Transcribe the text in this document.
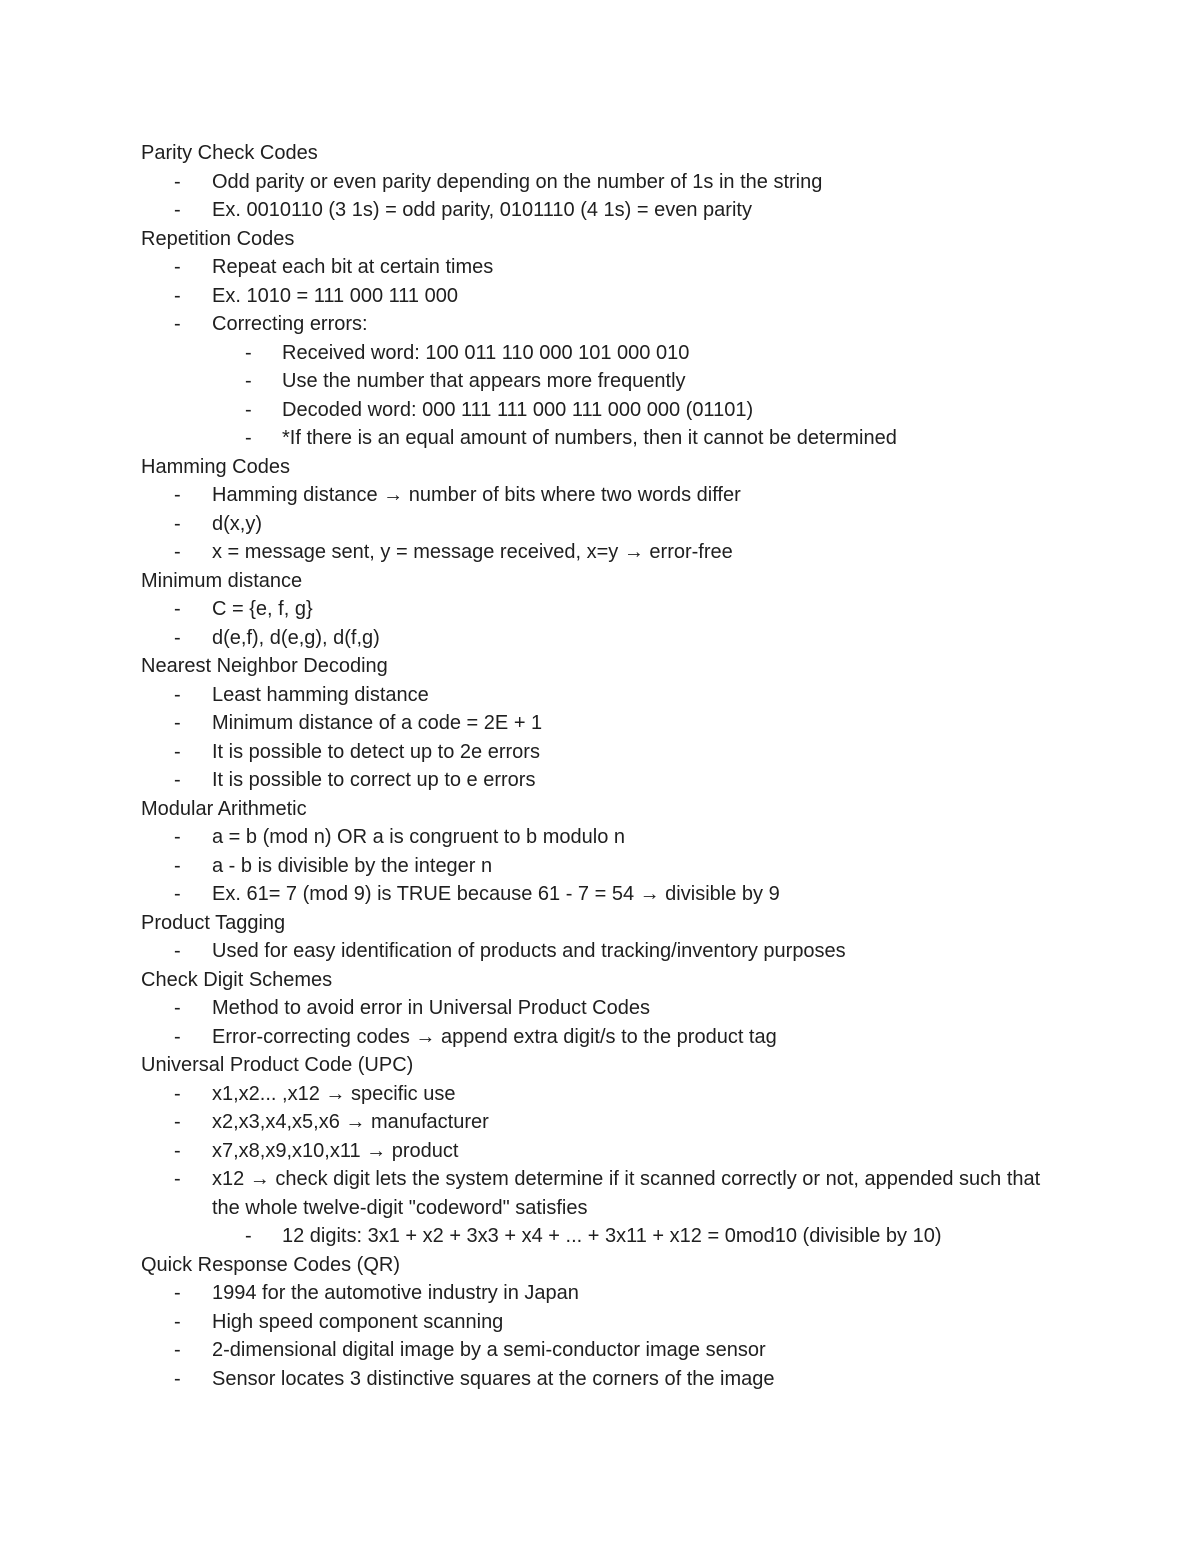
Parity Check Codes

- Odd parity or even parity depending on the number of 1s in the string
- Ex. 0010110 (3 1s) = odd parity, 0101110 (4 1s) = even parity

Repetition Codes

- Repeat each bit at certain times
- Ex. 1010 = 111 000 111 000
- Correcting errors:
- Received word: 100 011 110 000 101 000 010
- Use the number that appears more frequently
- Decoded word: 000 111 111 000 111 000 000 (01101)
- *If there is an equal amount of numbers, then it cannot be determined

Hamming Codes

- Hamming distance → number of bits where two words differ
- d(x,y)
- x = message sent, y = message received, x=y → error-free

Minimum distance

- C = {e, f, g}
- d(e,f), d(e,g), d(f,g)

Nearest Neighbor Decoding

- Least hamming distance
- Minimum distance of a code = 2E + 1
- It is possible to detect up to 2e errors
- It is possible to correct up to e errors

Modular Arithmetic

- a = b (mod n) OR a is congruent to b modulo n
- a - b is divisible by the integer n
- Ex. 61= 7 (mod 9) is TRUE because 61 - 7 = 54 → divisible by 9

Product Tagging

- Used for easy identification of products and tracking/inventory purposes

Check Digit Schemes

- Method to avoid error in Universal Product Codes
- Error-correcting codes → append extra digit/s to the product tag

Universal Product Code (UPC)

- x1,x2... ,x12 → specific use
- x2,x3,x4,x5,x6 → manufacturer
- x7,x8,x9,x10,x11 → product
- x12 → check digit lets the system determine if it scanned correctly or not, appended such that the whole twelve-digit "codeword" satisfies
- 12 digits: 3x1 + x2 + 3x3 + x4 + ... + 3x11 + x12 = 0mod10 (divisible by 10)

Quick Response Codes (QR)

- 1994 for the automotive industry in Japan
- High speed component scanning
- 2-dimensional digital image by a semi-conductor image sensor
- Sensor locates 3 distinctive squares at the corners of the image
